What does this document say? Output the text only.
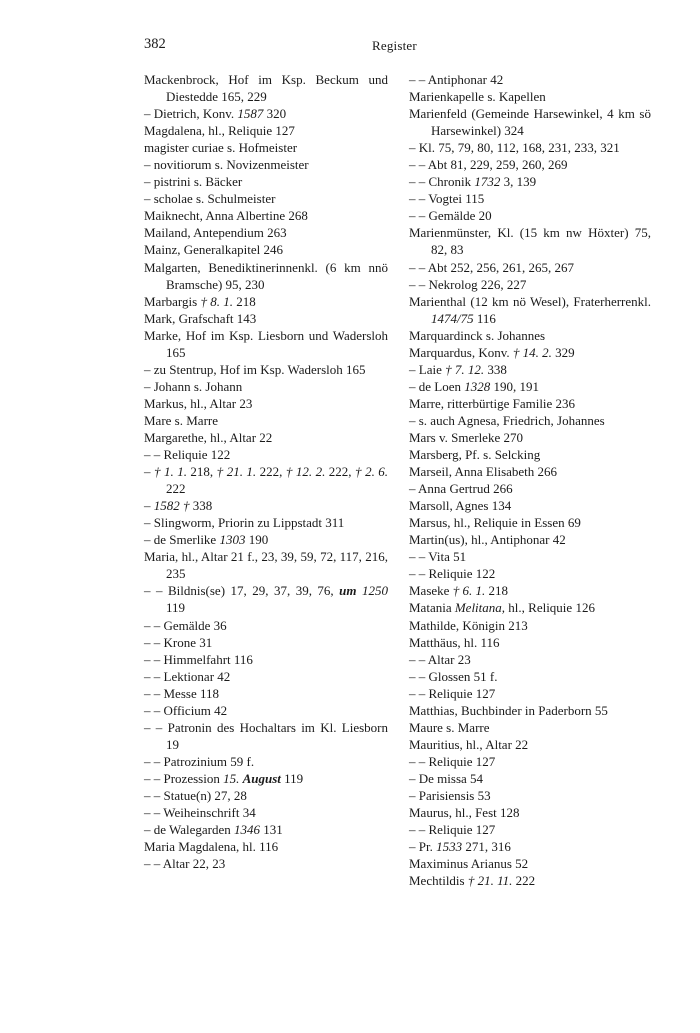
382	Register

Mackenbrock, Hof im Ksp. Beckum und Diestedde 165, 229

– Dietrich, Konv. 1587 320

Magdalena, hl., Reliquie 127

magister curiae s. Hofmeister

– novitiorum s. Novizenmeister

– pistrini s. Bäcker

– scholae s. Schulmeister

Maiknecht, Anna Albertine 268

Mailand, Antependium 263

Mainz, Generalkapitel 246

Malgarten, Benediktinerinnenkl. (6 km nnö Bramsche) 95, 230

Marbargis † 8. 1. 218

Mark, Grafschaft 143

Marke, Hof im Ksp. Liesborn und Wadersloh 165

– zu Stentrup, Hof im Ksp. Wadersloh 165

– Johann s. Johann

Markus, hl., Altar 23

Mare s. Marre

Margarethe, hl., Altar 22

– – Reliquie 122

– † 1. 1. 218, † 21. 1. 222, † 12. 2. 222, † 2. 6. 222

– 1582 † 338

– Slingworm, Priorin zu Lippstadt 311

– de Smerlike 1303 190

Maria, hl., Altar 21 f., 23, 39, 59, 72, 117, 216, 235

– – Bildnis(se) 17, 29, 37, 39, 76, um 1250 119

– – Gemälde 36

– – Krone 31

– – Himmelfahrt 116

– – Lektionar 42

– – Messe 118

– – Officium 42

– – Patronin des Hochaltars im Kl. Liesborn 19

– – Patrozinium 59 f.

– – Prozession 15. August 119

– – Statue(n) 27, 28

– – Weiheinschrift 34

– de Walegarden 1346 131

Maria Magdalena, hl. 116

– – Altar 22, 23

– – Antiphonar 42

Marienkapelle s. Kapellen

Marienfeld (Gemeinde Harsewinkel, 4 km sö Harsewinkel) 324

– Kl. 75, 79, 80, 112, 168, 231, 233, 321

– – Abt 81, 229, 259, 260, 269

– – Chronik 1732 3, 139

– – Vogtei 115

– – Gemälde 20

Marienmünster, Kl. (15 km nw Höxter) 75, 82, 83

– – Abt 252, 256, 261, 265, 267

– – Nekrolog 226, 227

Marienthal (12 km nö Wesel), Fraterherrenkl. 1474/75 116

Marquardinck s. Johannes

Marquardus, Konv. † 14. 2. 329

– Laie † 7. 12. 338

– de Loen 1328 190, 191

Marre, ritterbürtige Familie 236

– s. auch Agnesa, Friedrich, Johannes

Mars v. Smerleke 270

Marsberg, Pf. s. Selcking

Marseil, Anna Elisabeth 266

– Anna Gertrud 266

Marsoll, Agnes 134

Marsus, hl., Reliquie in Essen 69

Martin(us), hl., Antiphonar 42

– – Vita 51

– – Reliquie 122

Maseke † 6. 1. 218

Matania Melitana, hl., Reliquie 126

Mathilde, Königin 213

Matthäus, hl. 116

– – Altar 23

– – Glossen 51 f.

– – Reliquie 127

Matthias, Buchbinder in Paderborn 55

Maure s. Marre

Mauritius, hl., Altar 22

– – Reliquie 127

– De missa 54

– Parisiensis 53

Maurus, hl., Fest 128

– – Reliquie 127

– Pr. 1533 271, 316

Maximinus Arianus 52

Mechtildis † 21. 11. 222
